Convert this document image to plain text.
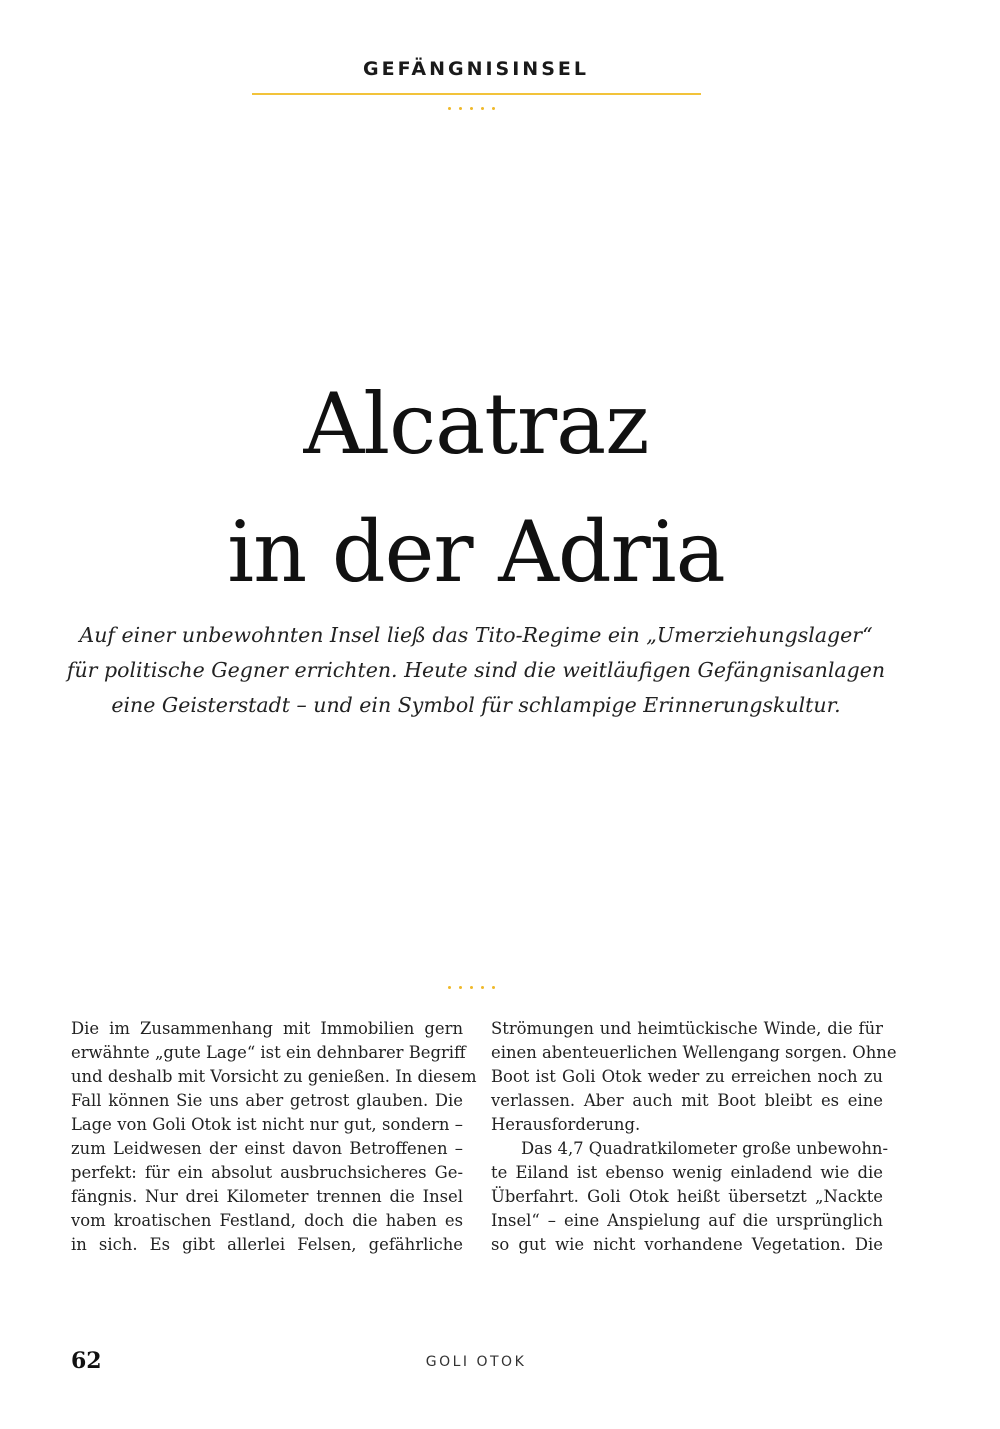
GEFÄNGNISINSEL
Alcatraz
in der Adria

Auf einer unbewohnten Insel ließ das Tito-Regime ein „Umerziehungslager“
für politische Gegner errichten. Heute sind die weitläufigen Gefängnisanlagen
eine Geisterstadt – und ein Symbol für schlampige Erinnerungskultur.

Die im Zusammenhang mit Immobilien gern
erwähnte „gute Lage“ ist ein dehnbarer Begriff
und deshalb mit Vorsicht zu genießen. In diesem
Fall können Sie uns aber getrost glauben. Die
Lage von Goli Otok ist nicht nur gut, sondern –
zum Leidwesen der einst davon Betroffenen –
perfekt: für ein absolut ausbruchsicheres Ge-
fängnis. Nur drei Kilometer trennen die Insel
vom kroatischen Festland, doch die haben es
in sich. Es gibt allerlei Felsen, gefährliche

Strömungen und heimtückische Winde, die für
einen abenteuerlichen Wellengang sorgen. Ohne
Boot ist Goli Otok weder zu erreichen noch zu
verlassen. Aber auch mit Boot bleibt es eine
Herausforderung.

Das 4,7 Quadratkilometer große unbewohn-
te Eiland ist ebenso wenig einladend wie die
Überfahrt. Goli Otok heißt übersetzt „Nackte
Insel“ – eine Anspielung auf die ursprünglich
so gut wie nicht vorhandene Vegetation. Die

62	GOLI OTOK
